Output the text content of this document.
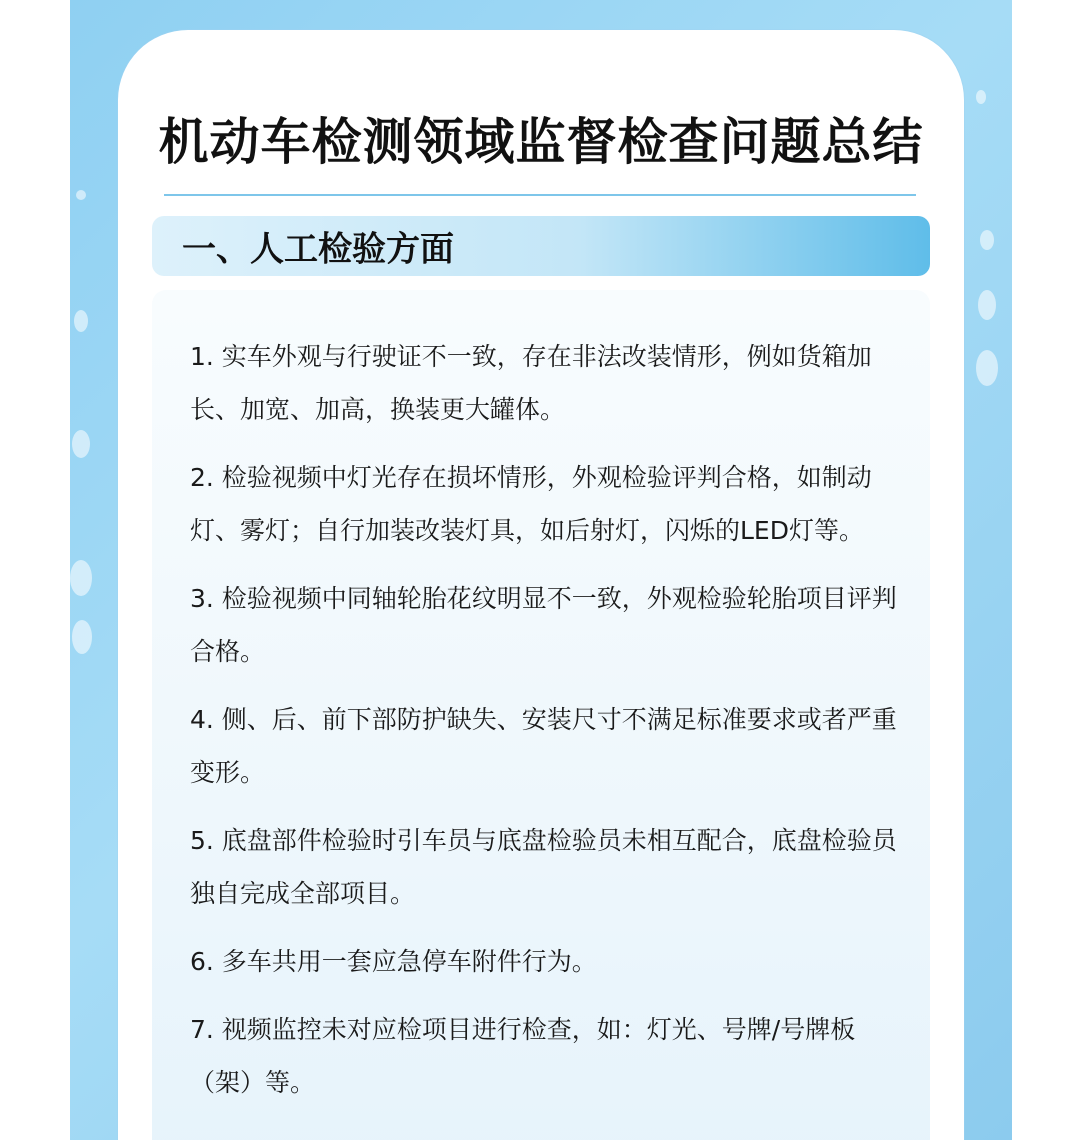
机动车检测领域监督检查问题总结
一、人工检验方面
1. 实车外观与行驶证不一致，存在非法改装情形，例如货箱加长、加宽、加高，换装更大罐体。
2. 检验视频中灯光存在损坏情形，外观检验评判合格，如制动灯、雾灯；自行加装改装灯具，如后射灯，闪烁的LED灯等。
3. 检验视频中同轴轮胎花纹明显不一致，外观检验轮胎项目评判合格。
4. 侧、后、前下部防护缺失、安装尺寸不满足标准要求或者严重变形。
5. 底盘部件检验时引车员与底盘检验员未相互配合，底盘检验员独自完成全部项目。
6. 多车共用一套应急停车附件行为。
7. 视频监控未对应检项目进行检查，如：灯光、号牌/号牌板（架）等。
